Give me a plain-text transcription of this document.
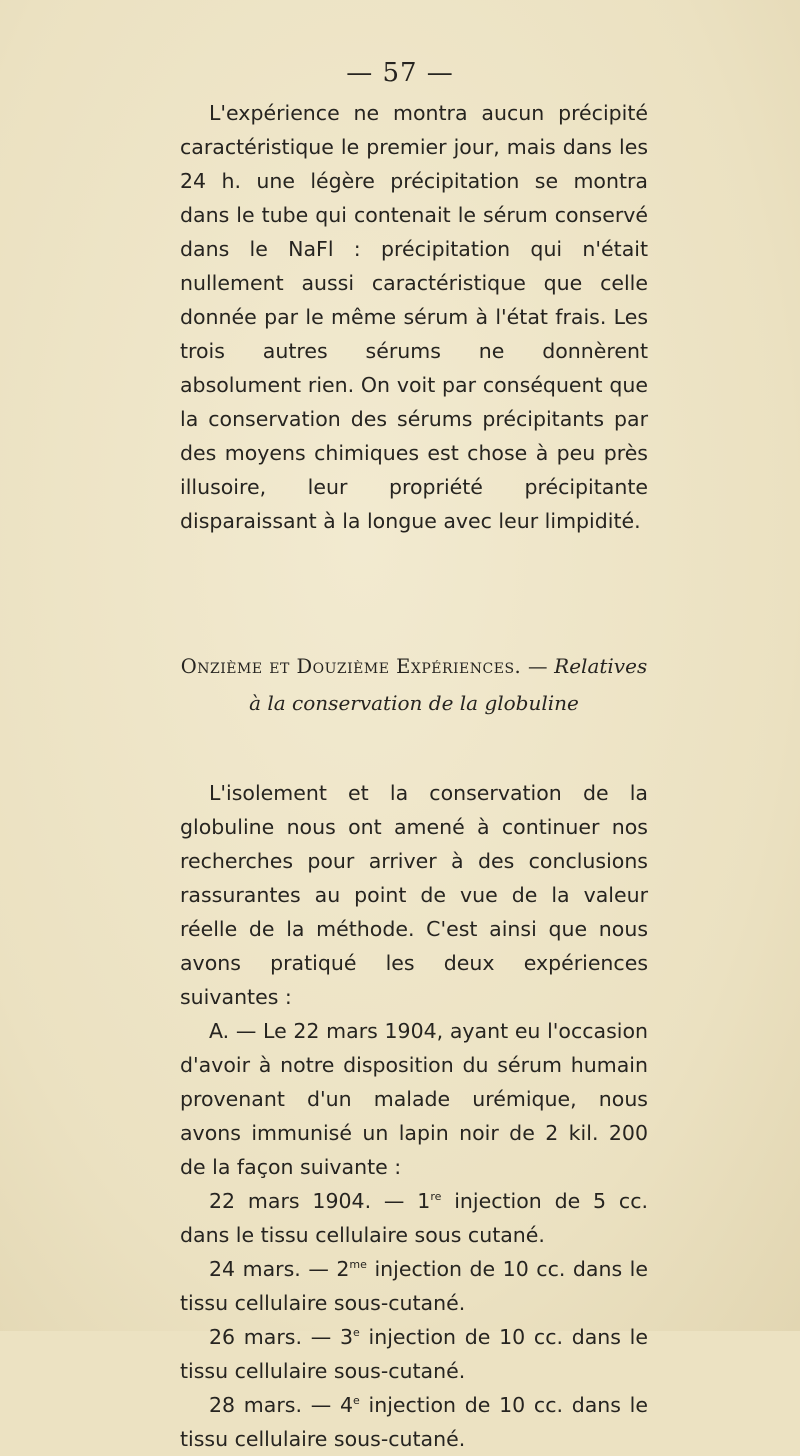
— 57 —

L'expérience ne montra aucun précipité caractéristique le premier jour, mais dans les 24 h. une légère précipitation se montra dans le tube qui contenait le sérum conservé dans le NaFl : précipitation qui n'était nullement aussi caractéristique que celle donnée par le même sérum à l'état frais. Les trois autres sérums ne donnèrent absolument rien. On voit par conséquent que la conservation des sérums précipitants par des moyens chimiques est chose à peu près illusoire, leur propriété précipitante disparaissant à la longue avec leur limpidité.

Onzième et Douzième Expériences. — Relatives à la conservation de la globuline

L'isolement et la conservation de la globuline nous ont amené à continuer nos recherches pour arriver à des conclusions rassurantes au point de vue de la valeur réelle de la méthode. C'est ainsi que nous avons pratiqué les deux expériences suivantes :

A. — Le 22 mars 1904, ayant eu l'occasion d'avoir à notre disposition du sérum humain provenant d'un malade urémique, nous avons immunisé un lapin noir de 2 kil. 200 de la façon suivante :

22 mars 1904. — 1re injection de 5 cc. dans le tissu cellulaire sous cutané.

24 mars. — $2^{me}$ injection de 10 cc. dans le tissu cellulaire sous-cutané.

26 mars. — 3e injection de 10 cc. dans le tissu cellulaire sous-cutané.

28 mars. — 4e injection de 10 cc. dans le tissu cellulaire sous-cutané.
